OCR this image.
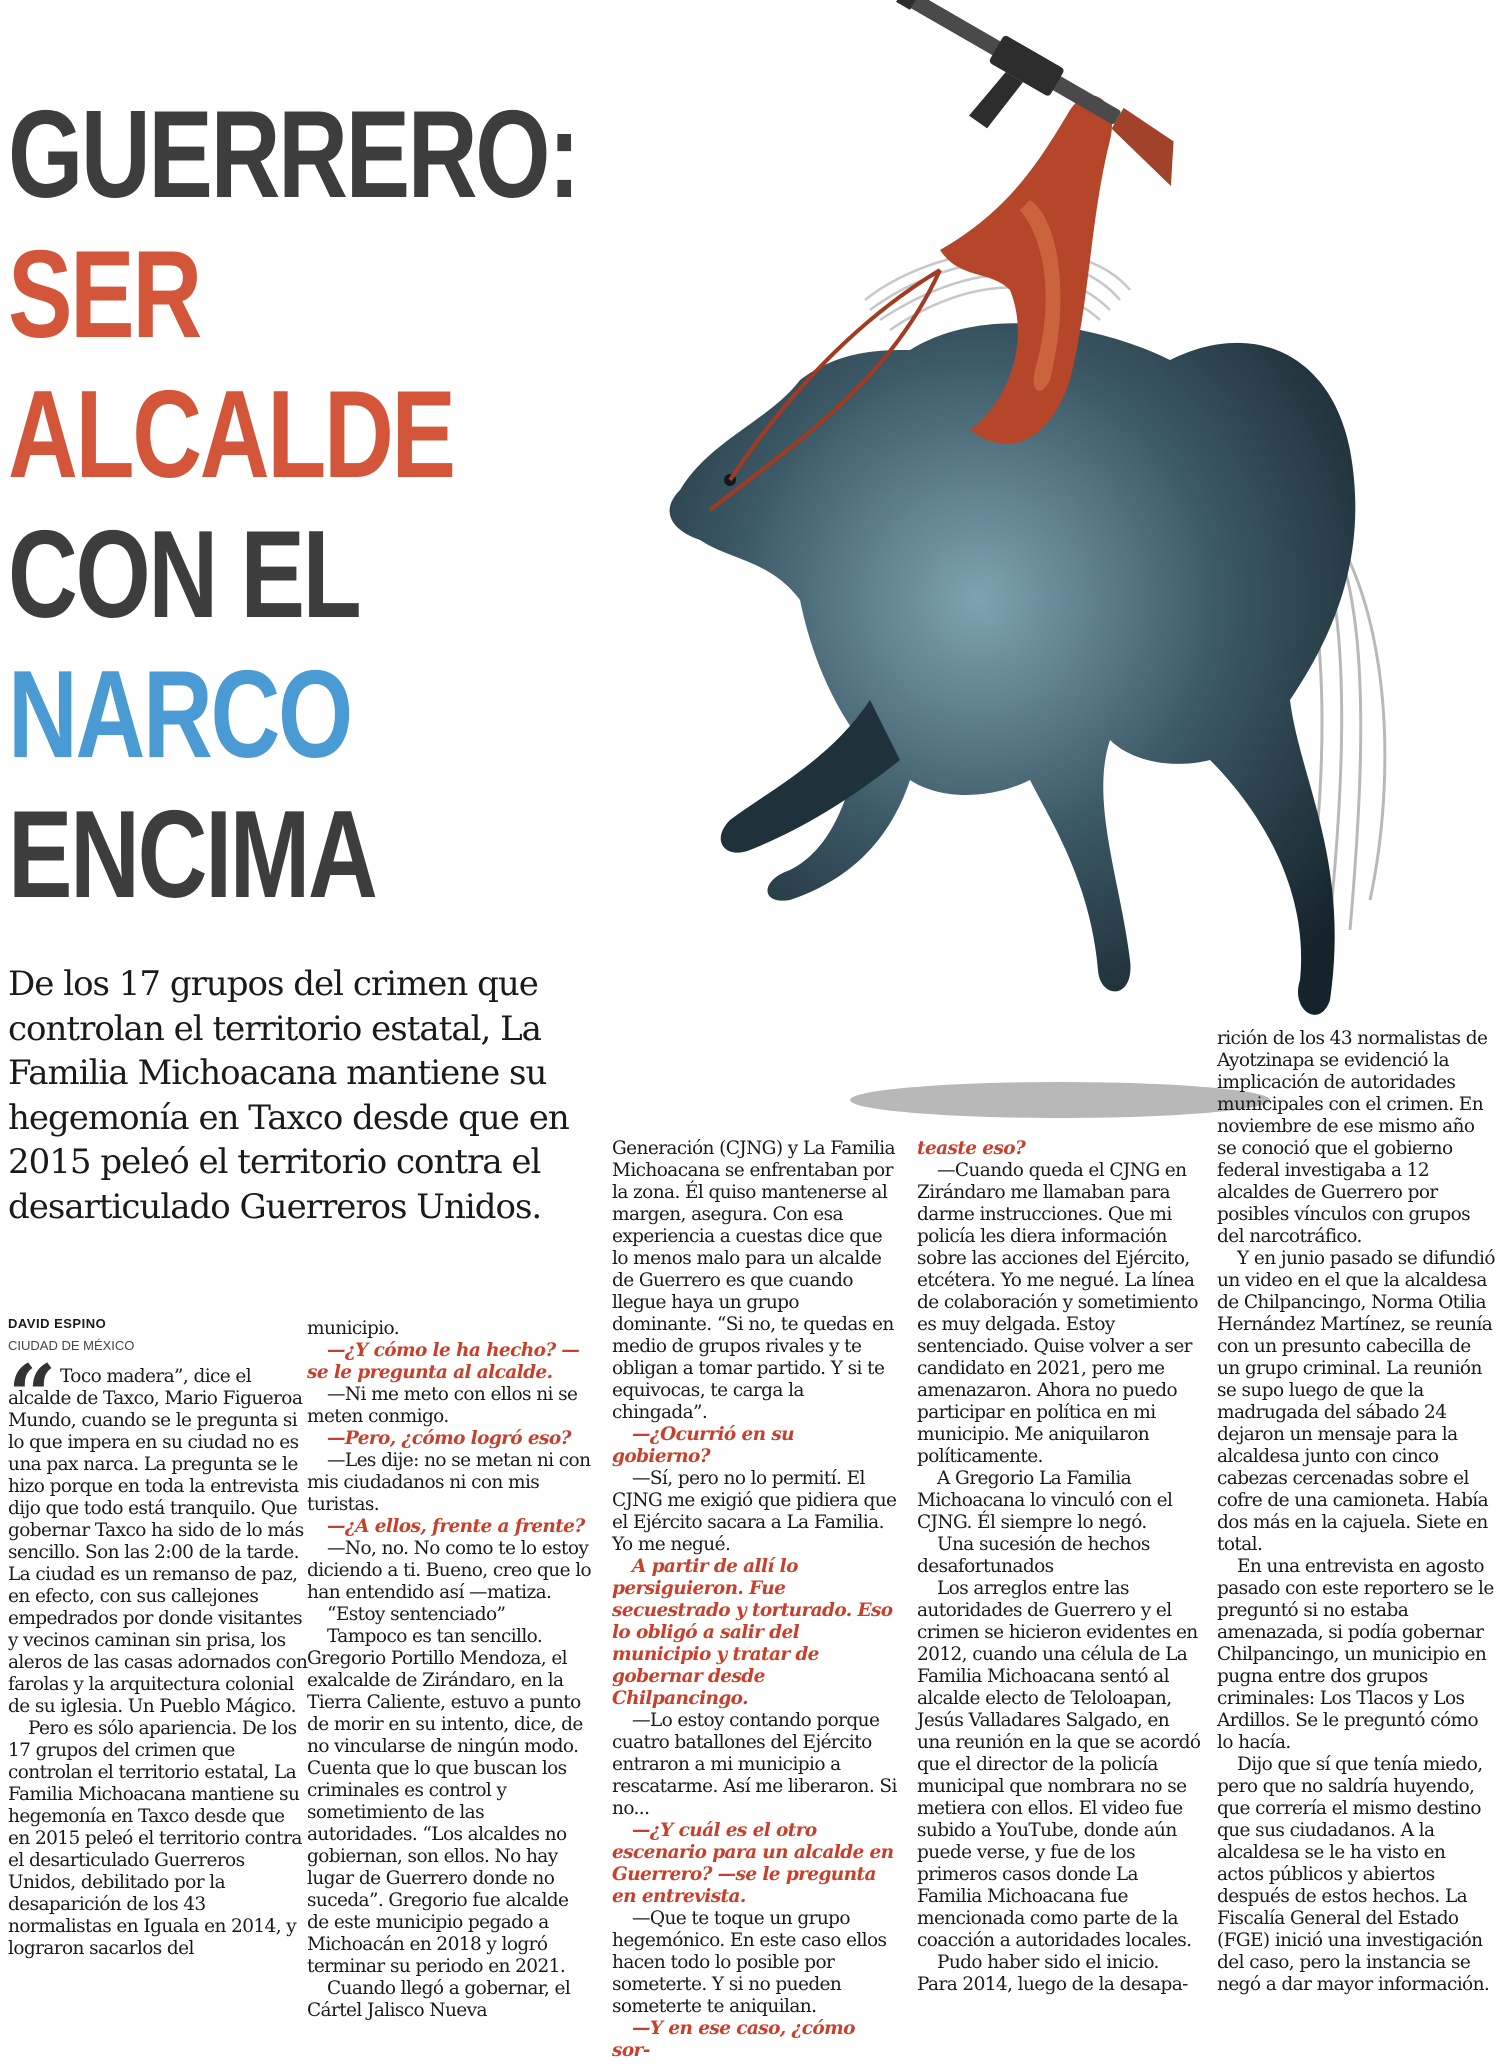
GUERRERO:
SER
ALCALDE
CON EL
NARCO
ENCIMA
De los 17 grupos del crimen que controlan el territorio estatal, La Familia Michoacana mantiene su hegemonía en Taxco desde que en 2015 peleó el territorio contra el desarticulado Guerreros Unidos.
DAVID ESPINO
CIUDAD DE MÉXICO
“ Toco madera”, dice el alcalde de Taxco, Mario Figueroa Mundo, cuando se le pregunta si lo que impera en su ciudad no es una pax narca. La pregunta se le hizo porque en toda la entrevista dijo que todo está tranquilo. Que gobernar Taxco ha sido de lo más sencillo. Son las 2:00 de la tarde. La ciudad es un remanso de paz, en efecto, con sus callejones empedrados por donde visitantes y vecinos caminan sin prisa, los aleros de las casas adornados con farolas y la arquitectura colonial de su iglesia. Un Pueblo Mágico.

Pero es sólo apariencia. De los 17 grupos del crimen que controlan el territorio estatal, La Familia Michoacana mantiene su hegemonía en Taxco desde que en 2015 peleó el territorio contra el desarticulado Guerreros Unidos, debilitado por la desaparición de los 43 normalistas en Iguala en 2014, y lograron sacarlos del

municipio.

—¿Y cómo le ha hecho? —se le pregunta al alcalde.

—Ni me meto con ellos ni se meten conmigo.

—Pero, ¿cómo logró eso?

—Les dije: no se metan ni con mis ciudadanos ni con mis turistas.

—¿A ellos, frente a frente?

—No, no. No como te lo estoy diciendo a ti. Bueno, creo que lo han entendido así —matiza.

“Estoy sentenciado”

Tampoco es tan sencillo. Gregorio Portillo Mendoza, el exalcalde de Zirándaro, en la Tierra Caliente, estuvo a punto de morir en su intento, dice, de no vincularse de ningún modo. Cuenta que lo que buscan los criminales es control y sometimiento de las autoridades. “Los alcaldes no gobiernan, son ellos. No hay lugar de Guerrero donde no suceda”. Gregorio fue alcalde de este municipio pegado a Michoacán en 2018 y logró terminar su periodo en 2021.

Cuando llegó a gobernar, el Cártel Jalisco Nueva

Generación (CJNG) y La Familia Michoacana se enfrentaban por la zona. Él quiso mantenerse al margen, asegura. Con esa experiencia a cuestas dice que lo menos malo para un alcalde de Guerrero es que cuando llegue haya un grupo dominante. “Si no, te quedas en medio de grupos rivales y te obligan a tomar partido. Y si te equivocas, te carga la chingada”.

—¿Ocurrió en su gobierno?

—Sí, pero no lo permití. El CJNG me exigió que pidiera que el Ejército sacara a La Familia. Yo me negué.

A partir de allí lo persiguieron. Fue secuestrado y torturado. Eso lo obligó a salir del municipio y tratar de gobernar desde Chilpancingo.

—Lo estoy contando porque cuatro batallones del Ejército entraron a mi municipio a rescatarme. Así me liberaron. Si no...

—¿Y cuál es el otro escenario para un alcalde en Guerrero? —se le pregunta en entrevista.

—Que te toque un grupo hegemónico. En este caso ellos hacen todo lo posible por someterte. Y si no pueden someterte te aniquilan.

—Y en ese caso, ¿cómo sor-

teaste eso?

—Cuando queda el CJNG en Zirándaro me llamaban para darme instrucciones. Que mi policía les diera información sobre las acciones del Ejército, etcétera. Yo me negué. La línea de colaboración y sometimiento es muy delgada. Estoy sentenciado. Quise volver a ser candidato en 2021, pero me amenazaron. Ahora no puedo participar en política en mi municipio. Me aniquilaron políticamente.

A Gregorio La Familia Michoacana lo vinculó con el CJNG. Él siempre lo negó.

Una sucesión de hechos desafortunados

Los arreglos entre las autoridades de Guerrero y el crimen se hicieron evidentes en 2012, cuando una célula de La Familia Michoacana sentó al alcalde electo de Teloloapan, Jesús Valladares Salgado, en una reunión en la que se acordó que el director de la policía municipal que nombrara no se metiera con ellos. El video fue subido a YouTube, donde aún puede verse, y fue de los primeros casos donde La Familia Michoacana fue mencionada como parte de la coacción a autoridades locales.

Pudo haber sido el inicio. Para 2014, luego de la desapa-

rición de los 43 normalistas de Ayotzinapa se evidenció la implicación de autoridades municipales con el crimen. En noviembre de ese mismo año se conoció que el gobierno federal investigaba a 12 alcaldes de Guerrero por posibles vínculos con grupos del narcotráfico.

Y en junio pasado se difundió un video en el que la alcaldesa de Chilpancingo, Norma Otilia Hernández Martínez, se reunía con un presunto cabecilla de un grupo criminal. La reunión se supo luego de que la madrugada del sábado 24 dejaron un mensaje para la alcaldesa junto con cinco cabezas cercenadas sobre el cofre de una camioneta. Había dos más en la cajuela. Siete en total.

En una entrevista en agosto pasado con este reportero se le preguntó si no estaba amenazada, si podía gobernar Chilpancingo, un municipio en pugna entre dos grupos criminales: Los Tlacos y Los Ardillos. Se le preguntó cómo lo hacía.

Dijo que sí que tenía miedo, pero que no saldría huyendo, que correría el mismo destino que sus ciudadanos. A la alcaldesa se le ha visto en actos públicos y abiertos después de estos hechos. La Fiscalía General del Estado (FGE) inició una investigación del caso, pero la instancia se negó a dar mayor información.
